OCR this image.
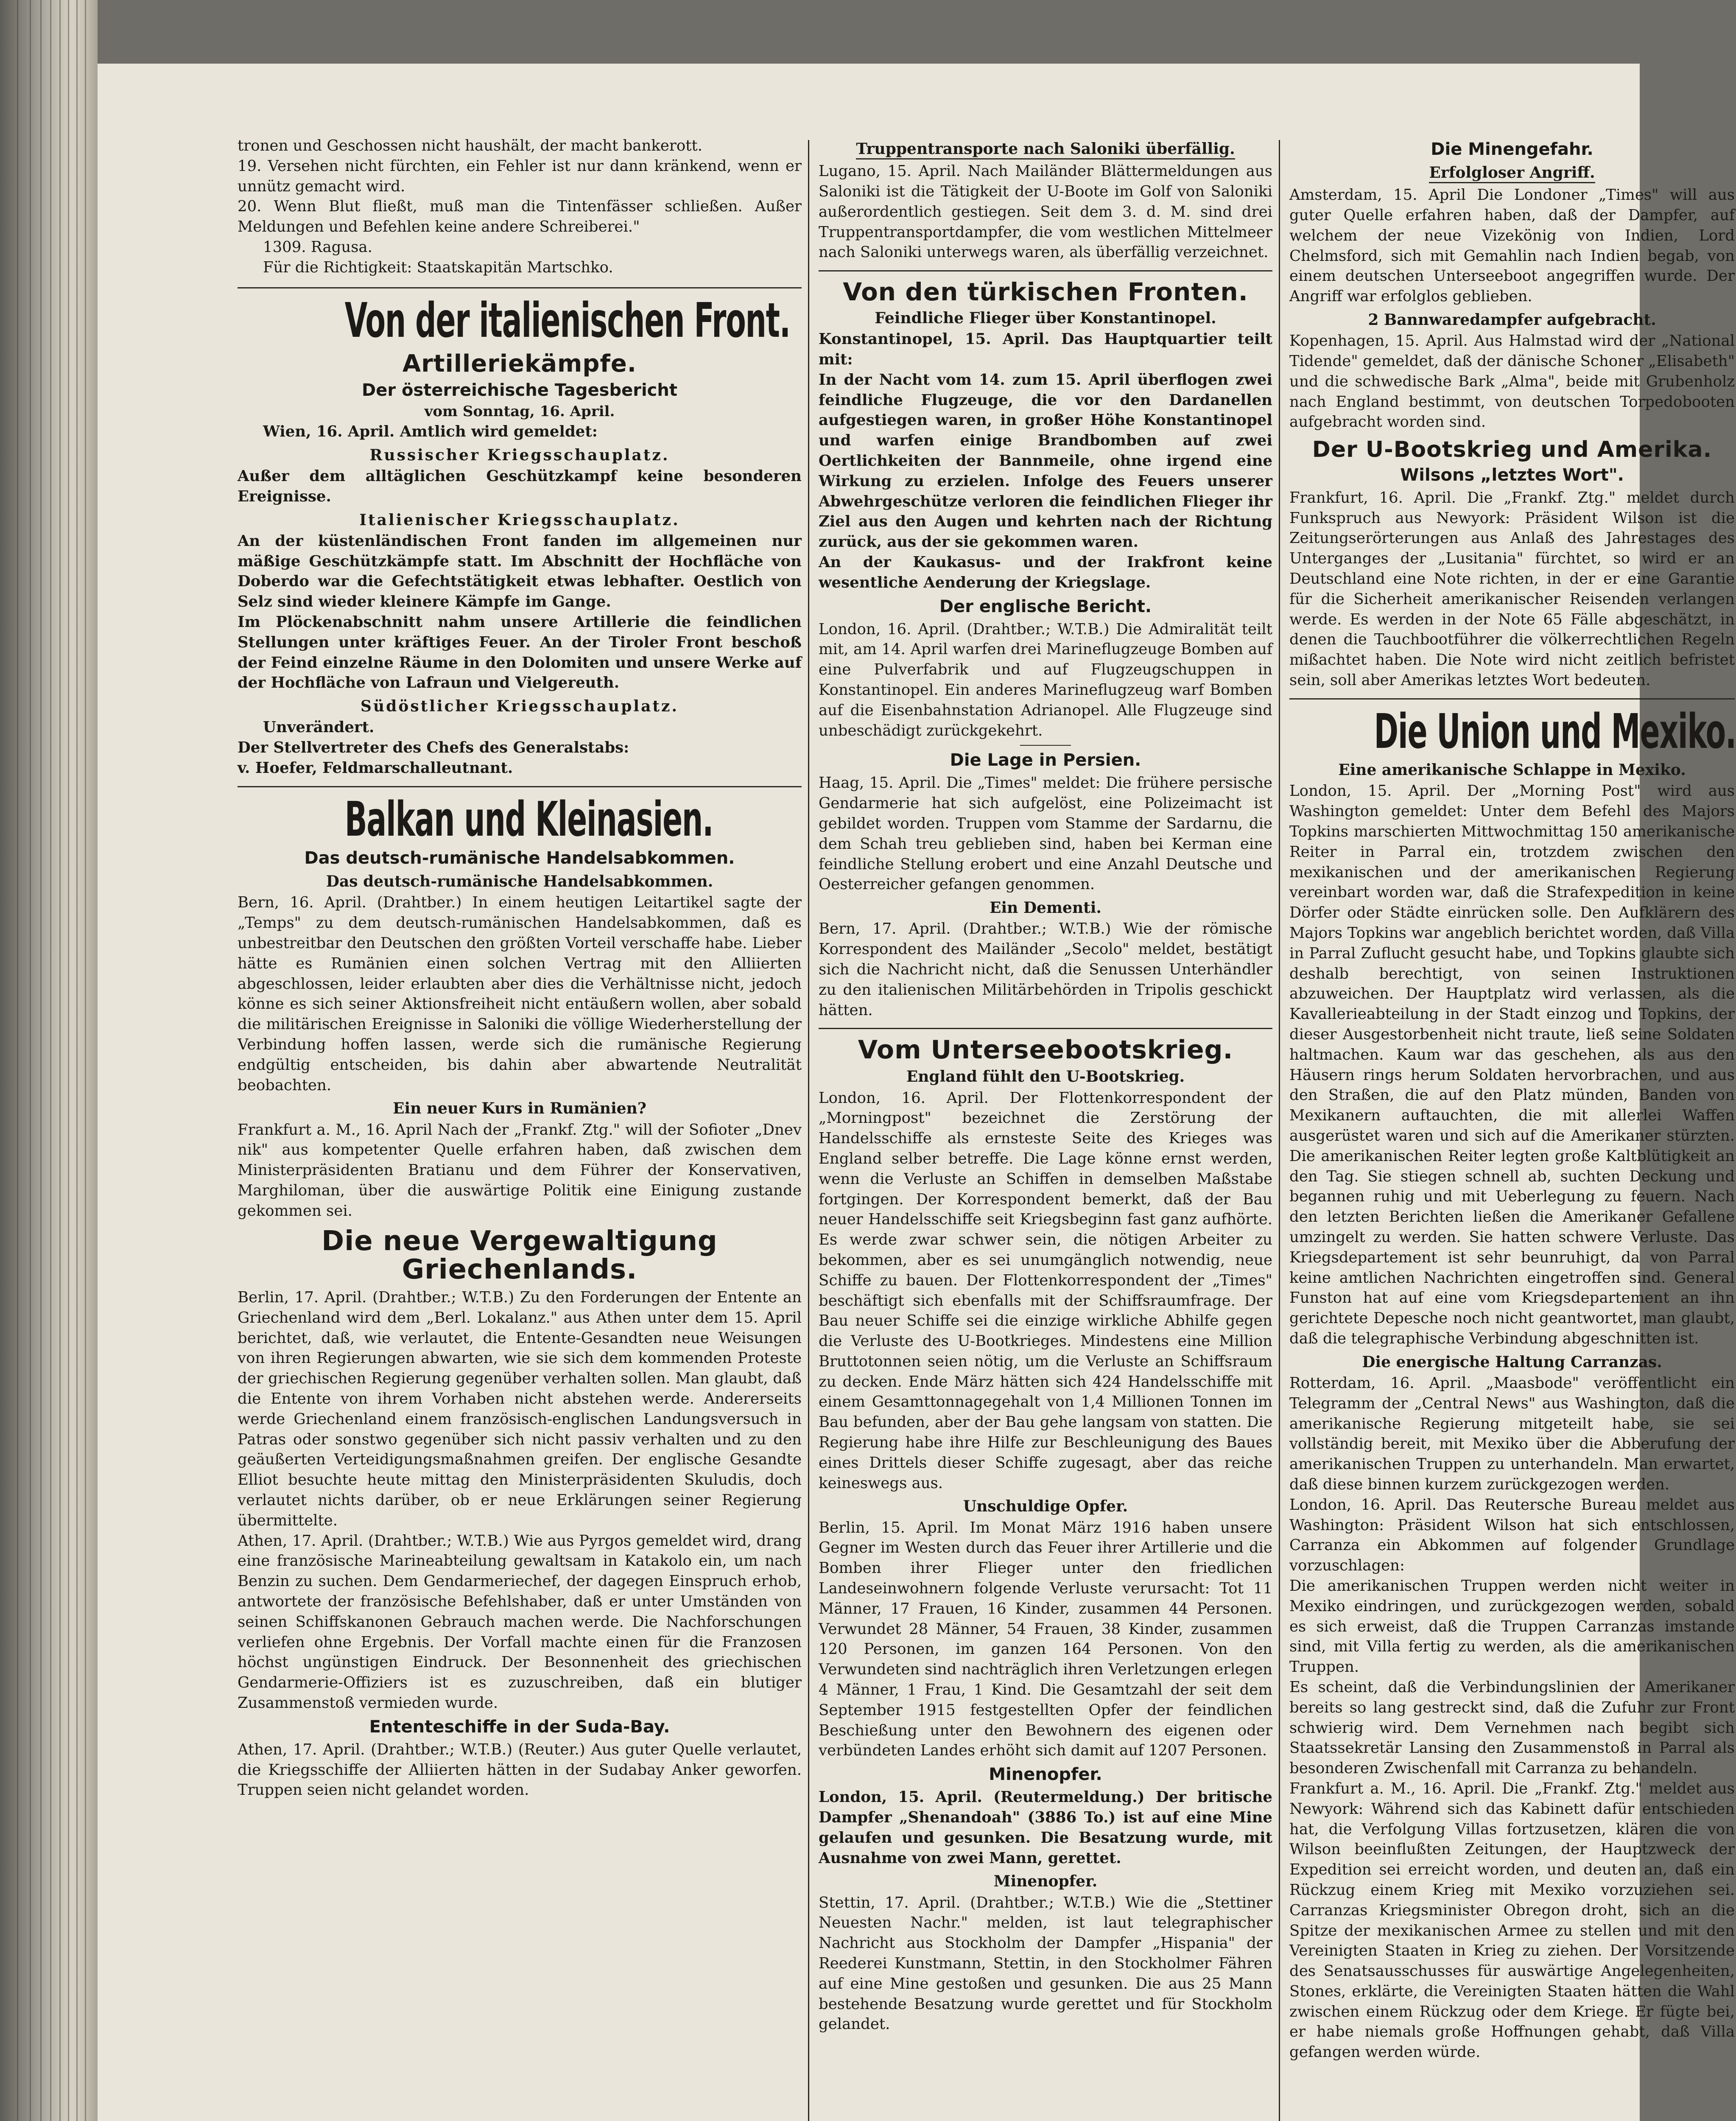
tronen und Geschossen nicht haushält, der macht bankerott.

19. Versehen nicht fürchten, ein Fehler ist nur dann kränkend, wenn er unnütz gemacht wird.

20. Wenn Blut fließt, muß man die Tintenfässer schließen. Außer Meldungen und Befehlen keine andere Schreiberei."

1309. Ragusa.

Für die Richtigkeit: Staatskapitän Martschko.

Von der italienischen Front.
Artilleriekämpfe.
Der österreichische Tagesbericht
vom Sonntag, 16. April.

Wien, 16. April. Amtlich wird gemeldet:

Russischer Kriegsschauplatz.

Außer dem alltäglichen Geschützkampf keine besonderen Ereignisse.

Italienischer Kriegsschauplatz.

An der küstenländischen Front fanden im allgemeinen nur mäßige Geschützkämpfe statt. Im Abschnitt der Hochfläche von Doberdo war die Gefechtstätigkeit etwas lebhafter. Oestlich von Selz sind wieder kleinere Kämpfe im Gange.

Im Plöckenabschnitt nahm unsere Artillerie die feindlichen Stellungen unter kräftiges Feuer. An der Tiroler Front beschoß der Feind einzelne Räume in den Dolomiten und unsere Werke auf der Hochfläche von Lafraun und Vielgereuth.

Südöstlicher Kriegsschauplatz.

Unverändert.

Der Stellvertreter des Chefs des Generalstabs:

v. Hoefer, Feldmarschalleutnant.

Balkan und Kleinasien.
Das deutsch-rumänische Handelsabkommen.
Das deutsch-rumänische Handelsabkommen.

Bern, 16. April. (Drahtber.) In einem heutigen Leitartikel sagte der „Temps" zu dem deutsch-rumänischen Handelsabkommen, daß es unbestreitbar den Deutschen den größten Vorteil verschaffe habe. Lieber hätte es Rumänien einen solchen Vertrag mit den Alliierten abgeschlossen, leider erlaubten aber dies die Verhältnisse nicht, jedoch könne es sich seiner Aktionsfreiheit nicht entäußern wollen, aber sobald die militärischen Ereignisse in Saloniki die völlige Wiederherstellung der Verbindung hoffen lassen, werde sich die rumänische Regierung endgültig entscheiden, bis dahin aber abwartende Neutralität beobachten.

Ein neuer Kurs in Rumänien?

Frankfurt a. M., 16. April Nach der „Frankf. Ztg." will der Sofioter „Dnev nik" aus kompetenter Quelle erfahren haben, daß zwischen dem Ministerpräsidenten Bratianu und dem Führer der Konservativen, Marghiloman, über die auswärtige Politik eine Einigung zustande gekommen sei.

Die neue Vergewaltigung Griechenlands.

Berlin, 17. April. (Drahtber.; W.T.B.) Zu den Forderungen der Entente an Griechenland wird dem „Berl. Lokalanz." aus Athen unter dem 15. April berichtet, daß, wie verlautet, die Entente-Gesandten neue Weisungen von ihren Regierungen abwarten, wie sie sich dem kommenden Proteste der griechischen Regierung gegenüber verhalten sollen. Man glaubt, daß die Entente von ihrem Vorhaben nicht abstehen werde. Andererseits werde Griechenland einem französisch-englischen Landungsversuch in Patras oder sonstwo gegenüber sich nicht passiv verhalten und zu den geäußerten Verteidigungsmaßnahmen greifen. Der englische Gesandte Elliot besuchte heute mittag den Ministerpräsidenten Skuludis, doch verlautet nichts darüber, ob er neue Erklärungen seiner Regierung übermittelte.

Athen, 17. April. (Drahtber.; W.T.B.) Wie aus Pyrgos gemeldet wird, drang eine französische Marineabteilung gewaltsam in Katakolo ein, um nach Benzin zu suchen. Dem Gendarmeriechef, der dagegen Einspruch erhob, antwortete der französische Befehlshaber, daß er unter Umständen von seinen Schiffskanonen Gebrauch machen werde. Die Nachforschungen verliefen ohne Ergebnis. Der Vorfall machte einen für die Franzosen höchst ungünstigen Eindruck. Der Besonnenheit des griechischen Gendarmerie-Offiziers ist es zuzuschreiben, daß ein blutiger Zusammenstoß vermieden wurde.

Ententeschiffe in der Suda-Bay.

Athen, 17. April. (Drahtber.; W.T.B.) (Reuter.) Aus guter Quelle verlautet, die Kriegsschiffe der Alliierten hätten in der Sudabay Anker geworfen. Truppen seien nicht gelandet worden.

Truppentransporte nach Saloniki überfällig.

Lugano, 15. April. Nach Mailänder Blättermeldungen aus Saloniki ist die Tätigkeit der U-Boote im Golf von Saloniki außerordentlich gestiegen. Seit dem 3. d. M. sind drei Truppentransportdampfer, die vom westlichen Mittelmeer nach Saloniki unterwegs waren, als überfällig verzeichnet.

Von den türkischen Fronten.
Feindliche Flieger über Konstantinopel.

Konstantinopel, 15. April. Das Hauptquartier teilt mit:

In der Nacht vom 14. zum 15. April überflogen zwei feindliche Flugzeuge, die vor den Dardanellen aufgestiegen waren, in großer Höhe Konstantinopel und warfen einige Brandbomben auf zwei Oertlichkeiten der Bannmeile, ohne irgend eine Wirkung zu erzielen. Infolge des Feuers unserer Abwehrgeschütze verloren die feindlichen Flieger ihr Ziel aus den Augen und kehrten nach der Richtung zurück, aus der sie gekommen waren.

An der Kaukasus- und der Irakfront keine wesentliche Aenderung der Kriegslage.

Der englische Bericht.

London, 16. April. (Drahtber.; W.T.B.) Die Admiralität teilt mit, am 14. April warfen drei Marineflugzeuge Bomben auf eine Pulverfabrik und auf Flugzeugschuppen in Konstantinopel. Ein anderes Marineflugzeug warf Bomben auf die Eisenbahnstation Adrianopel. Alle Flugzeuge sind unbeschädigt zurückgekehrt.

Die Lage in Persien.

Haag, 15. April. Die „Times" meldet: Die frühere persische Gendarmerie hat sich aufgelöst, eine Polizeimacht ist gebildet worden. Truppen vom Stamme der Sardarnu, die dem Schah treu geblieben sind, haben bei Kerman eine feindliche Stellung erobert und eine Anzahl Deutsche und Oesterreicher gefangen genommen.

Ein Dementi.

Bern, 17. April. (Drahtber.; W.T.B.) Wie der römische Korrespondent des Mailänder „Secolo" meldet, bestätigt sich die Nachricht nicht, daß die Senussen Unterhändler zu den italienischen Militärbehörden in Tripolis geschickt hätten.

Vom Unterseebootskrieg.
England fühlt den U-Bootskrieg.

London, 16. April. Der Flottenkorrespondent der „Morningpost" bezeichnet die Zerstörung der Handelsschiffe als ernsteste Seite des Krieges was England selber betreffe. Die Lage könne ernst werden, wenn die Verluste an Schiffen in demselben Maßstabe fortgingen. Der Korrespondent bemerkt, daß der Bau neuer Handelsschiffe seit Kriegsbeginn fast ganz aufhörte. Es werde zwar schwer sein, die nötigen Arbeiter zu bekommen, aber es sei unumgänglich notwendig, neue Schiffe zu bauen. Der Flottenkorrespondent der „Times" beschäftigt sich ebenfalls mit der Schiffsraumfrage. Der Bau neuer Schiffe sei die einzige wirkliche Abhilfe gegen die Verluste des U-Bootkrieges. Mindestens eine Million Bruttotonnen seien nötig, um die Verluste an Schiffsraum zu decken. Ende März hätten sich 424 Handelsschiffe mit einem Gesamttonnagegehalt von 1,4 Millionen Tonnen im Bau befunden, aber der Bau gehe langsam von statten. Die Regierung habe ihre Hilfe zur Beschleunigung des Baues eines Drittels dieser Schiffe zugesagt, aber das reiche keineswegs aus.

Unschuldige Opfer.

Berlin, 15. April. Im Monat März 1916 haben unsere Gegner im Westen durch das Feuer ihrer Artillerie und die Bomben ihrer Flieger unter den friedlichen Landeseinwohnern folgende Verluste verursacht: Tot 11 Männer, 17 Frauen, 16 Kinder, zusammen 44 Personen. Verwundet 28 Männer, 54 Frauen, 38 Kinder, zusammen 120 Personen, im ganzen 164 Personen. Von den Verwundeten sind nachträglich ihren Verletzungen erlegen 4 Männer, 1 Frau, 1 Kind. Die Gesamtzahl der seit dem September 1915 festgestellten Opfer der feindlichen Beschießung unter den Bewohnern des eigenen oder verbündeten Landes erhöht sich damit auf 1207 Personen.

Minenopfer.

London, 15. April. (Reutermeldung.) Der britische Dampfer „Shenandoah" (3886 To.) ist auf eine Mine gelaufen und gesunken. Die Besatzung wurde, mit Ausnahme von zwei Mann, gerettet.

Minenopfer.

Stettin, 17. April. (Drahtber.; W.T.B.) Wie die „Stettiner Neuesten Nachr." melden, ist laut telegraphischer Nachricht aus Stockholm der Dampfer „Hispania" der Reederei Kunstmann, Stettin, in den Stockholmer Fähren auf eine Mine gestoßen und gesunken. Die aus 25 Mann bestehende Besatzung wurde gerettet und für Stockholm gelandet.

Die Minengefahr.
Erfolgloser Angriff.

Amsterdam, 15. April Die Londoner „Times" will aus guter Quelle erfahren haben, daß der Dampfer, auf welchem der neue Vizekönig von Indien, Lord Chelmsford, sich mit Gemahlin nach Indien begab, von einem deutschen Unterseeboot angegriffen wurde. Der Angriff war erfolglos geblieben.

2 Bannwaredampfer aufgebracht.

Kopenhagen, 15. April. Aus Halmstad wird der „National Tidende" gemeldet, daß der dänische Schoner „Elisabeth" und die schwedische Bark „Alma", beide mit Grubenholz nach England bestimmt, von deutschen Torpedobooten aufgebracht worden sind.

Der U-Bootskrieg und Amerika.
Wilsons „letztes Wort".

Frankfurt, 16. April. Die „Frankf. Ztg." meldet durch Funkspruch aus Newyork: Präsident Wilson ist die Zeitungserörterungen aus Anlaß des Jahrestages des Unterganges der „Lusitania" fürchtet, so wird er an Deutschland eine Note richten, in der er eine Garantie für die Sicherheit amerikanischer Reisenden verlangen werde. Es werden in der Note 65 Fälle abgeschätzt, in denen die Tauchbootführer die völkerrechtlichen Regeln mißachtet haben. Die Note wird nicht zeitlich befristet sein, soll aber Amerikas letztes Wort bedeuten.

Die Union und Mexiko.
Eine amerikanische Schlappe in Mexiko.

London, 15. April. Der „Morning Post" wird aus Washington gemeldet: Unter dem Befehl des Majors Topkins marschierten Mittwochmittag 150 amerikanische Reiter in Parral ein, trotzdem zwischen den mexikanischen und der amerikanischen Regierung vereinbart worden war, daß die Strafexpedition in keine Dörfer oder Städte einrücken solle. Den Aufklärern des Majors Topkins war angeblich berichtet worden, daß Villa in Parral Zuflucht gesucht habe, und Topkins glaubte sich deshalb berechtigt, von seinen Instruktionen abzuweichen. Der Hauptplatz wird verlassen, als die Kavallerieabteilung in der Stadt einzog und Topkins, der dieser Ausgestorbenheit nicht traute, ließ seine Soldaten haltmachen. Kaum war das geschehen, als aus den Häusern rings herum Soldaten hervorbrachen, und aus den Straßen, die auf den Platz münden, Banden von Mexikanern auftauchten, die mit allerlei Waffen ausgerüstet waren und sich auf die Amerikaner stürzten. Die amerikanischen Reiter legten große Kaltblütigkeit an den Tag. Sie stiegen schnell ab, suchten Deckung und begannen ruhig und mit Ueberlegung zu feuern. Nach den letzten Berichten ließen die Amerikaner Gefallene umzingelt zu werden. Sie hatten schwere Verluste. Das Kriegsdepartement ist sehr beunruhigt, da von Parral keine amtlichen Nachrichten eingetroffen sind. General Funston hat auf eine vom Kriegsdepartement an ihn gerichtete Depesche noch nicht geantwortet, man glaubt, daß die telegraphische Verbindung abgeschnitten ist.

Die energische Haltung Carranzas.

Rotterdam, 16. April. „Maasbode" veröffentlicht ein Telegramm der „Central News" aus Washington, daß die amerikanische Regierung mitgeteilt habe, sie sei vollständig bereit, mit Mexiko über die Abberufung der amerikanischen Truppen zu unterhandeln. Man erwartet, daß diese binnen kurzem zurückgezogen werden.

London, 16. April. Das Reutersche Bureau meldet aus Washington: Präsident Wilson hat sich entschlossen, Carranza ein Abkommen auf folgender Grundlage vorzuschlagen:

Die amerikanischen Truppen werden nicht weiter in Mexiko eindringen, und zurückgezogen werden, sobald es sich erweist, daß die Truppen Carranzas imstande sind, mit Villa fertig zu werden, als die amerikanischen Truppen.

Es scheint, daß die Verbindungslinien der Amerikaner bereits so lang gestreckt sind, daß die Zufuhr zur Front schwierig wird. Dem Vernehmen nach begibt sich Staatssekretär Lansing den Zusammenstoß in Parral als besonderen Zwischenfall mit Carranza zu behandeln.

Frankfurt a. M., 16. April. Die „Frankf. Ztg." meldet aus Newyork: Während sich das Kabinett dafür entschieden hat, die Verfolgung Villas fortzusetzen, klären die von Wilson beeinflußten Zeitungen, der Hauptzweck der Expedition sei erreicht worden, und deuten an, daß ein Rückzug einem Krieg mit Mexiko vorzuziehen sei. Carranzas Kriegsminister Obregon droht, sich an die Spitze der mexikanischen Armee zu stellen und mit den Vereinigten Staaten in Krieg zu ziehen. Der Vorsitzende des Senatsausschusses für auswärtige Angelegenheiten, Stones, erklärte, die Vereinigten Staaten hätten die Wahl zwischen einem Rückzug oder dem Kriege. Er fügte bei, er habe niemals große Hoffnungen gehabt, daß Villa gefangen werden würde.
